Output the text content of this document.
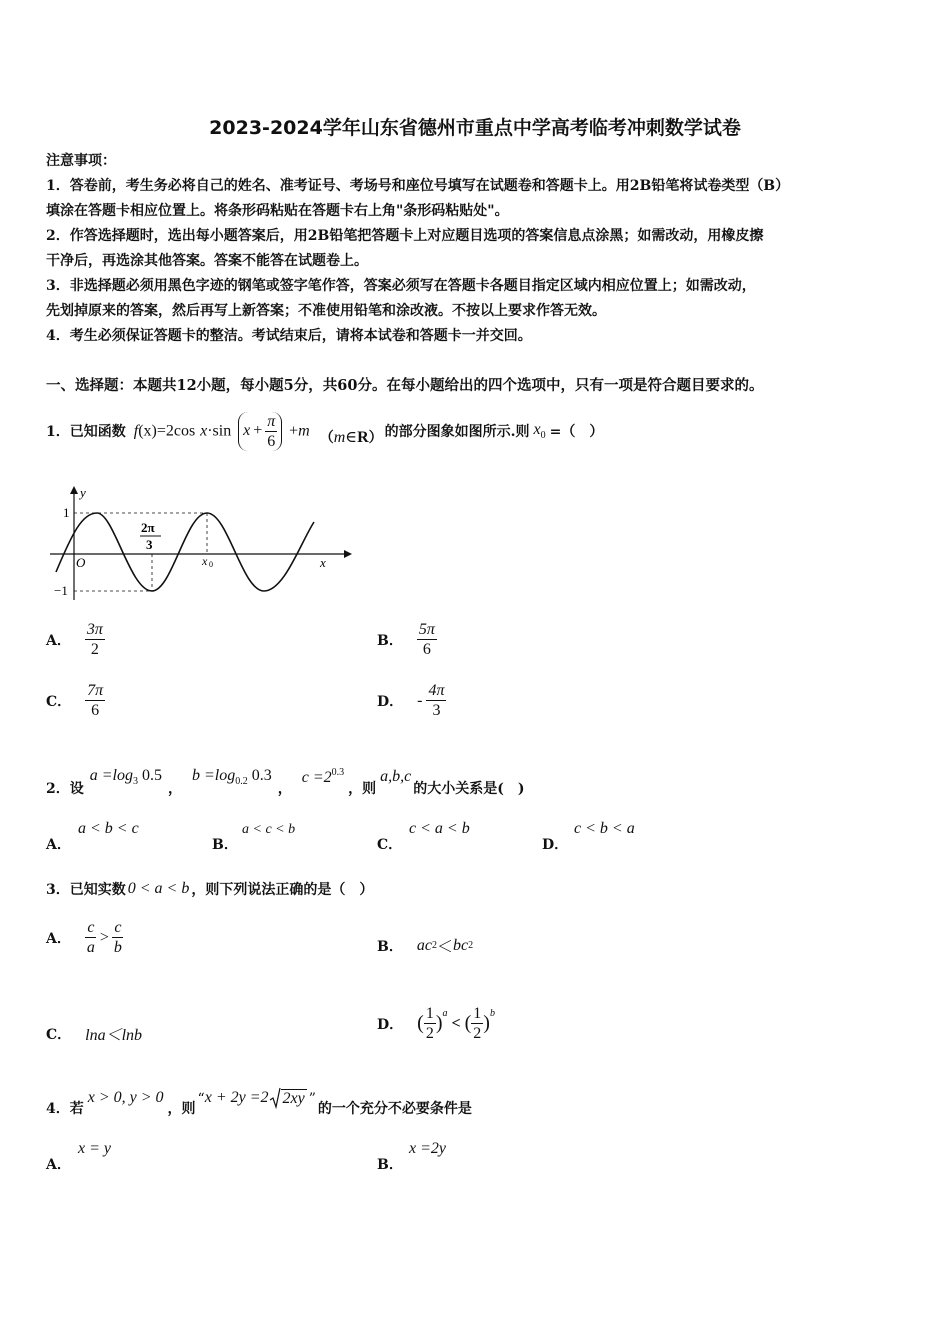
2023-2024学年山东省德州市重点中学高考临考冲刺数学试卷
注意事项：
1．答卷前，考生务必将自己的姓名、准考证号、考场号和座位号填写在试题卷和答题卡上。用2B铅笔将试卷类型（B）
填涂在答题卡相应位置上。将条形码粘贴在答题卡右上角"条形码粘贴处"。
2．作答选择题时，选出每小题答案后，用2B铅笔把答题卡上对应题目选项的答案信息点涂黑；如需改动，用橡皮擦
干净后，再选涂其他答案。答案不能答在试题卷上。
3．非选择题必须用黑色字迹的钢笔或签字笔作答，答案必须写在答题卡各题目指定区域内相应位置上；如需改动，
先划掉原来的答案，然后再写上新答案；不准使用铅笔和涂改液。不按以上要求作答无效。
4．考生必须保证答题卡的整洁。考试结束后，请将本试卷和答题卡一并交回。
一、选择题：本题共12小题，每小题5分，共60分。在每小题给出的四个选项中，只有一项是符合题目要求的。
1．已知函数 f(x)=2cos x·sin $x + \frac{\pi}{6} +m$ （m∈R） 的部分图象如图所示.则 $x_0$ =（　）
y
x
O
1
−1
2π
3
x 0
A． $\frac{3\pi}{2}$	B． $\frac{5\pi}{6}$
C． $\frac{7\pi}{6}$	D． - $\frac{4\pi}{3}$
2．设
$a =\log_3$ 0.5
，
$b =\log_{0.2}$ 0.3
，
$c =2^{0.3}$
，则
a,b,c
的大小关系是(　)
A．
a < b < c
B．
a < c < b
C．
c < a < b
D．
c < b < a
3．已知实数 0 < a < b ，则下列说法正确的是（　）
A． $\frac{c}{a} > \frac{c}{b}$	B． ac 2 ＜ bc 2
C． lna＜lnb
D． ( $\frac{1}{2}$ ) a
< ( $\frac{1}{2}$ ) b
4．若
x > 0, y > 0
，则
“ x + 2y =2 2xy ”
的一个充分不必要条件是
A．
x = y
B．
x =2y
